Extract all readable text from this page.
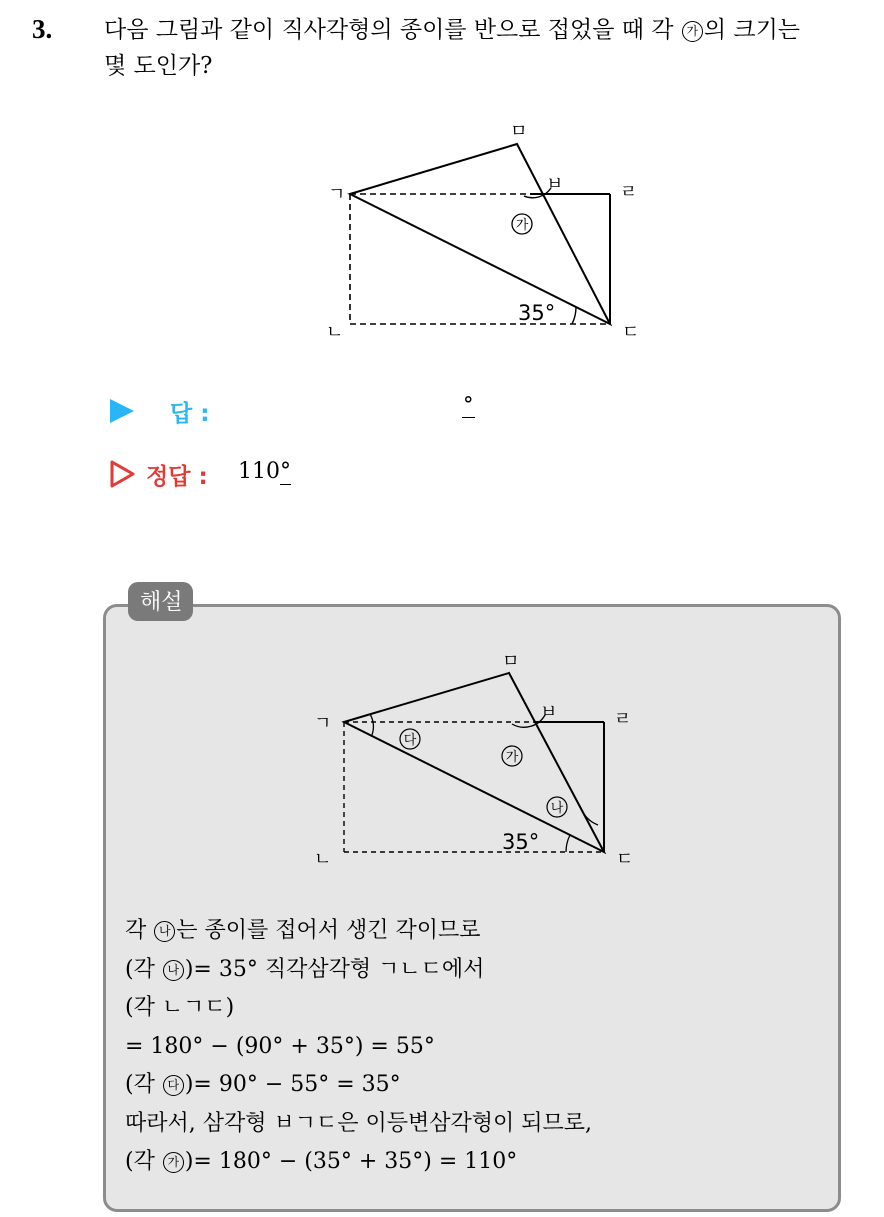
3. 다음 그림과 같이 직사각형의 종이를 반으로 접었을 때 각 가 의 크기는
몇 도인가?
가
ㄱ
ㄴ	ㄷ
ㄹ
ㅁ
ㅂ
35°
답 :	°
정답 : 110°
해설
다
가
나
ㄱ
ㄴ	ㄷ
ㄹ
ㅁ
ㅂ
35°
각 나 는 종이를 접어서 생긴 각이므로
(각 나 )= 35° 직각삼각형 ㄱㄴㄷ에서
(각 ㄴㄱㄷ)
= 180° − (90° + 35°) = 55°
(각 다 )= 90° − 55° = 35°
따라서, 삼각형 ㅂㄱㄷ은 이등변삼각형이 되므로,
(각 가 )= 180° − (35° + 35°) = 110°
